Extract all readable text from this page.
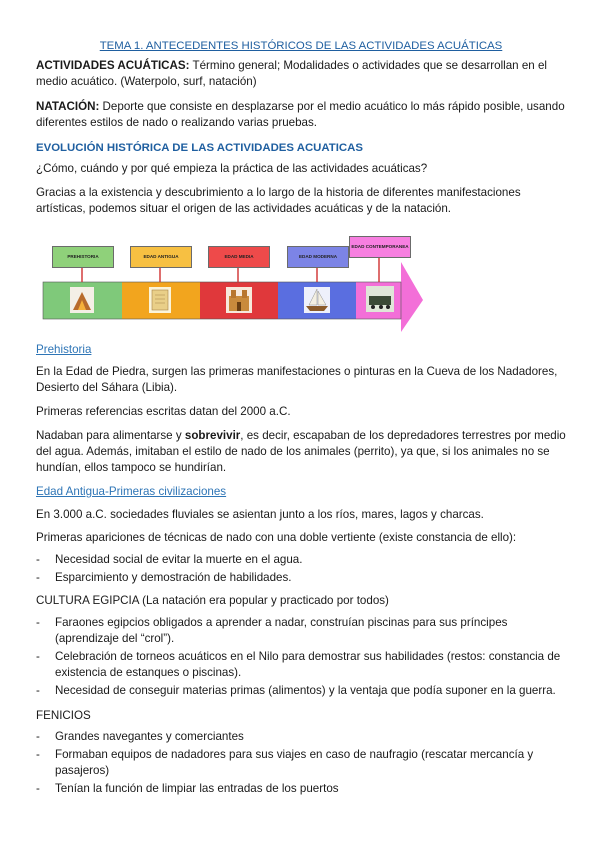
TEMA 1. ANTECEDENTES HISTÓRICOS DE LAS ACTIVIDADES ACUÁTICAS
ACTIVIDADES ACUÁTICAS: Término general; Modalidades o actividades que se desarrollan en el medio acuático. (Waterpolo, surf, natación)
NATACIÓN: Deporte que consiste en desplazarse por el medio acuático lo más rápido posible, usando diferentes estilos de nado o realizando varias pruebas.
EVOLUCIÓN HISTÓRICA DE LAS ACTIVIDADES ACUATICAS
¿Cómo, cuándo y por qué empieza la práctica de las actividades acuáticas?
Gracias a la existencia y descubrimiento a lo largo de la historia de diferentes manifestaciones artísticas, podemos situar el origen de las actividades acuáticas y de la natación.
PREHISTORIA	EDAD ANTIGUA	EDAD MEDIA	EDAD MODERNA
EDAD CONTEMPORANEA
Prehistoria
En la Edad de Piedra, surgen las primeras manifestaciones o pinturas en la Cueva de los Nadadores, Desierto del Sáhara (Libia).
Primeras referencias escritas datan del 2000 a.C.
Nadaban para alimentarse y sobrevivir, es decir, escapaban de los depredadores terrestres por medio del agua. Además, imitaban el estilo de nado de los animales (perrito), ya que, si los animales no se hundían, ellos tampoco se hundirían.
Edad Antigua-Primeras civilizaciones
En 3.000 a.C. sociedades fluviales se asientan junto a los ríos, mares, lagos y charcas.
Primeras apariciones de técnicas de nado con una doble vertiente (existe constancia de ello):
- Necesidad social de evitar la muerte en el agua.
- Esparcimiento y demostración de habilidades.
CULTURA EGIPCIA (La natación era popular y practicado por todos)
- Faraones egipcios obligados a aprender a nadar, construían piscinas para sus príncipes (aprendizaje del “crol”).
- Celebración de torneos acuáticos en el Nilo para demostrar sus habilidades (restos: constancia de existencia de estanques o piscinas).
- Necesidad de conseguir materias primas (alimentos) y la ventaja que podía suponer en la guerra.
FENICIOS
- Grandes navegantes y comerciantes
- Formaban equipos de nadadores para sus viajes en caso de naufragio (rescatar mercancía y pasajeros)
- Tenían la función de limpiar las entradas de los puertos
